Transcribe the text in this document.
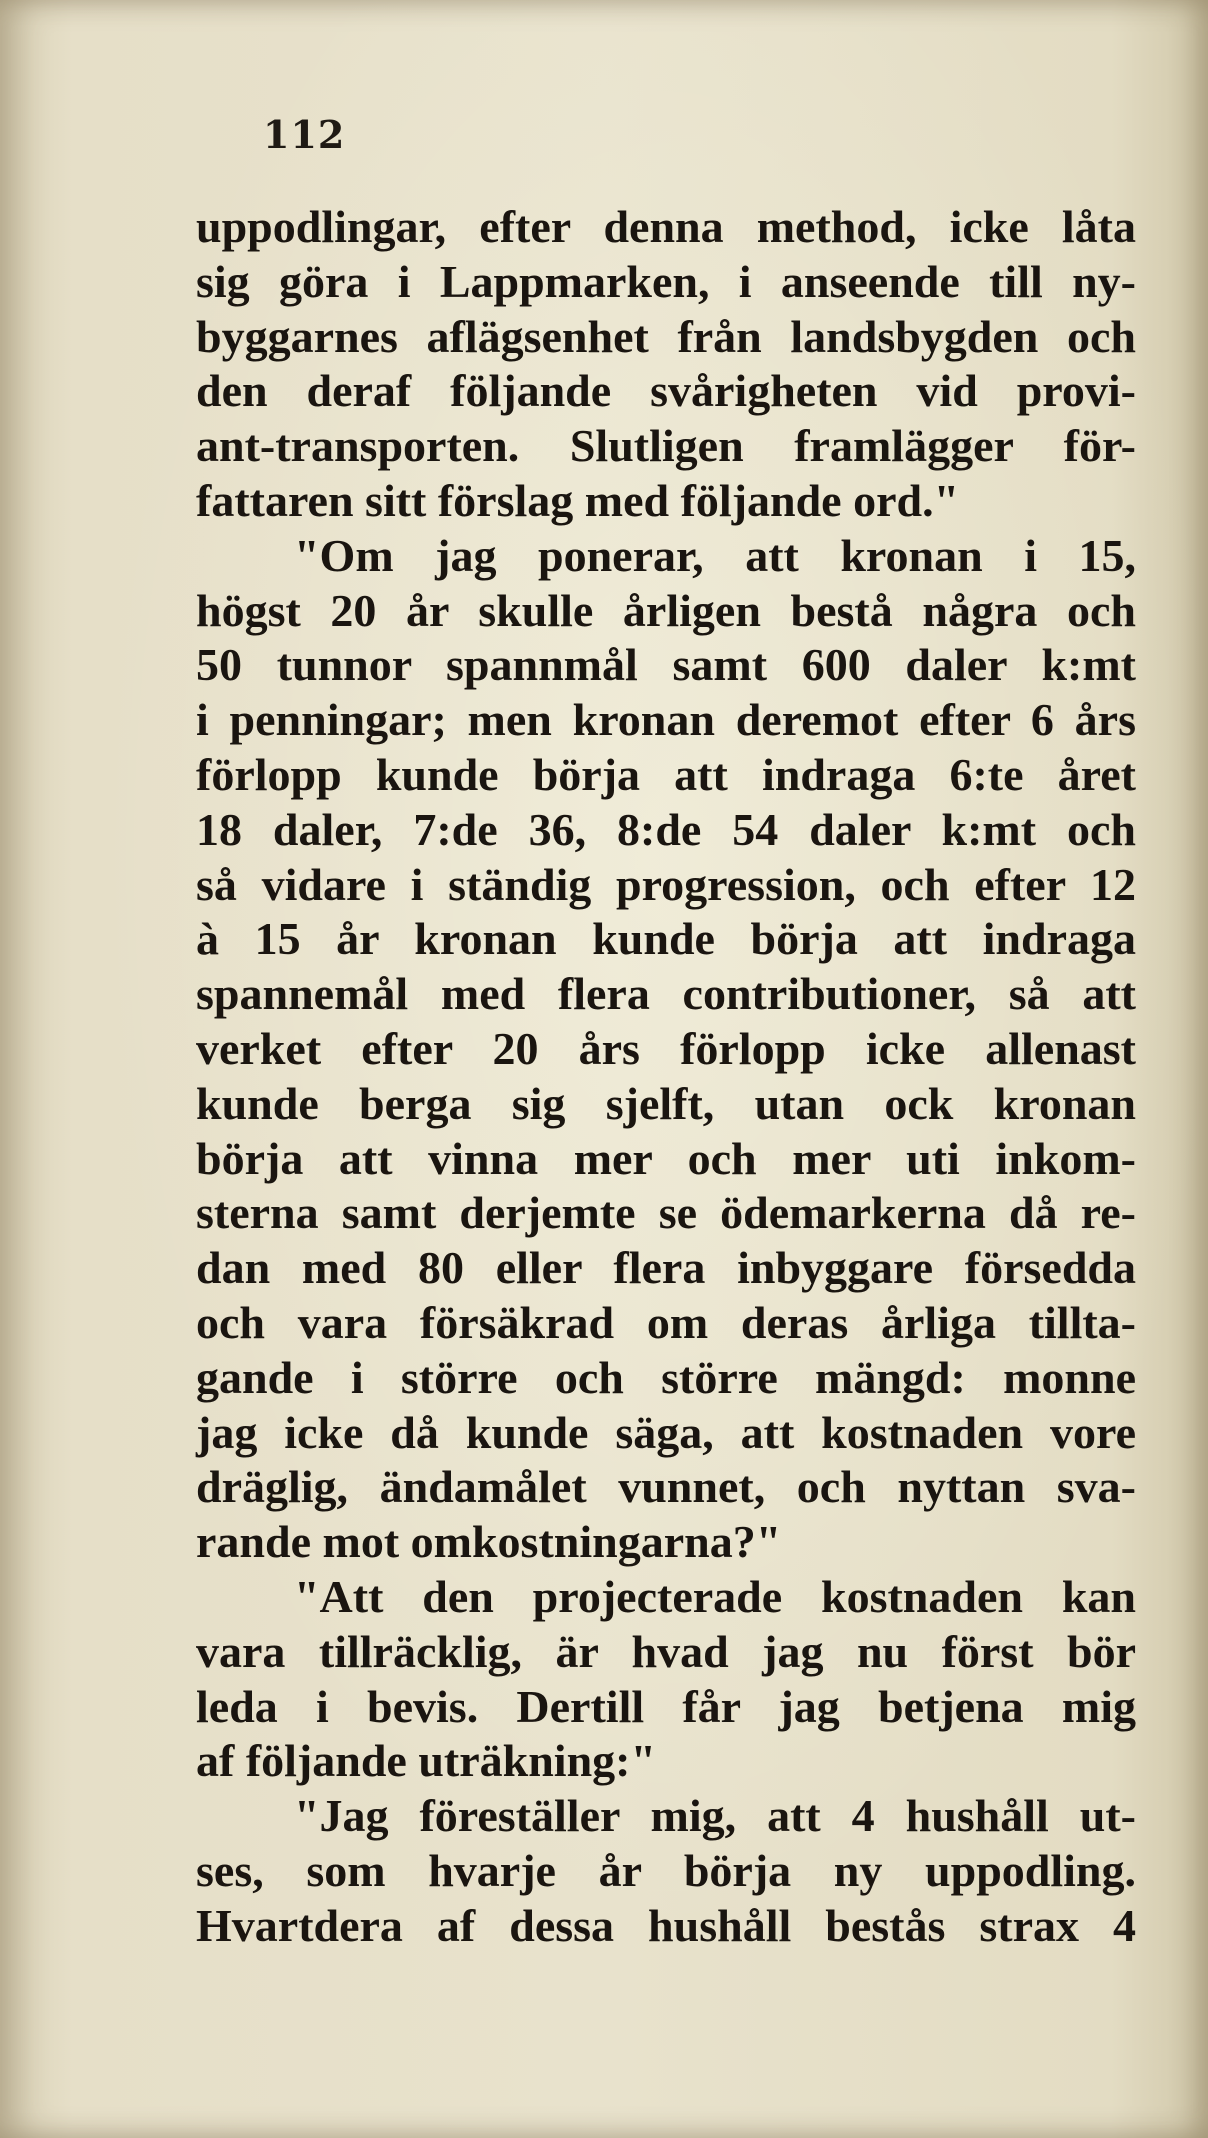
112
uppodlingar, efter denna method, icke låta
sig göra i Lappmarken, i anseende till ny-
byggarnes aflägsenhet från landsbygden och
den deraf följande svårigheten vid provi-
ant-transporten. Slutligen framlägger för-
fattaren sitt förslag med följande ord."
"Om jag ponerar, att kronan i 15,
högst 20 år skulle årligen bestå några och
50 tunnor spannmål samt 600 daler k:mt
i penningar; men kronan deremot efter 6 års
förlopp kunde börja att indraga 6:te året
18 daler, 7:de 36, 8:de 54 daler k:mt och
så vidare i ständig progression, och efter 12
à 15 år kronan kunde börja att indraga
spannemål med flera contributioner, så att
verket efter 20 års förlopp icke allenast
kunde berga sig sjelft, utan ock kronan
börja att vinna mer och mer uti inkom-
sterna samt derjemte se ödemarkerna då re-
dan med 80 eller flera inbyggare försedda
och vara försäkrad om deras årliga tillta-
gande i större och större mängd: monne
jag icke då kunde säga, att kostnaden vore
dräglig, ändamålet vunnet, och nyttan sva-
rande mot omkostningarna?"
"Att den projecterade kostnaden kan
vara tillräcklig, är hvad jag nu först bör
leda i bevis. Dertill får jag betjena mig
af följande uträkning:"
"Jag föreställer mig, att 4 hushåll ut-
ses, som hvarje år börja ny uppodling.
Hvartdera af dessa hushåll bestås strax 4
